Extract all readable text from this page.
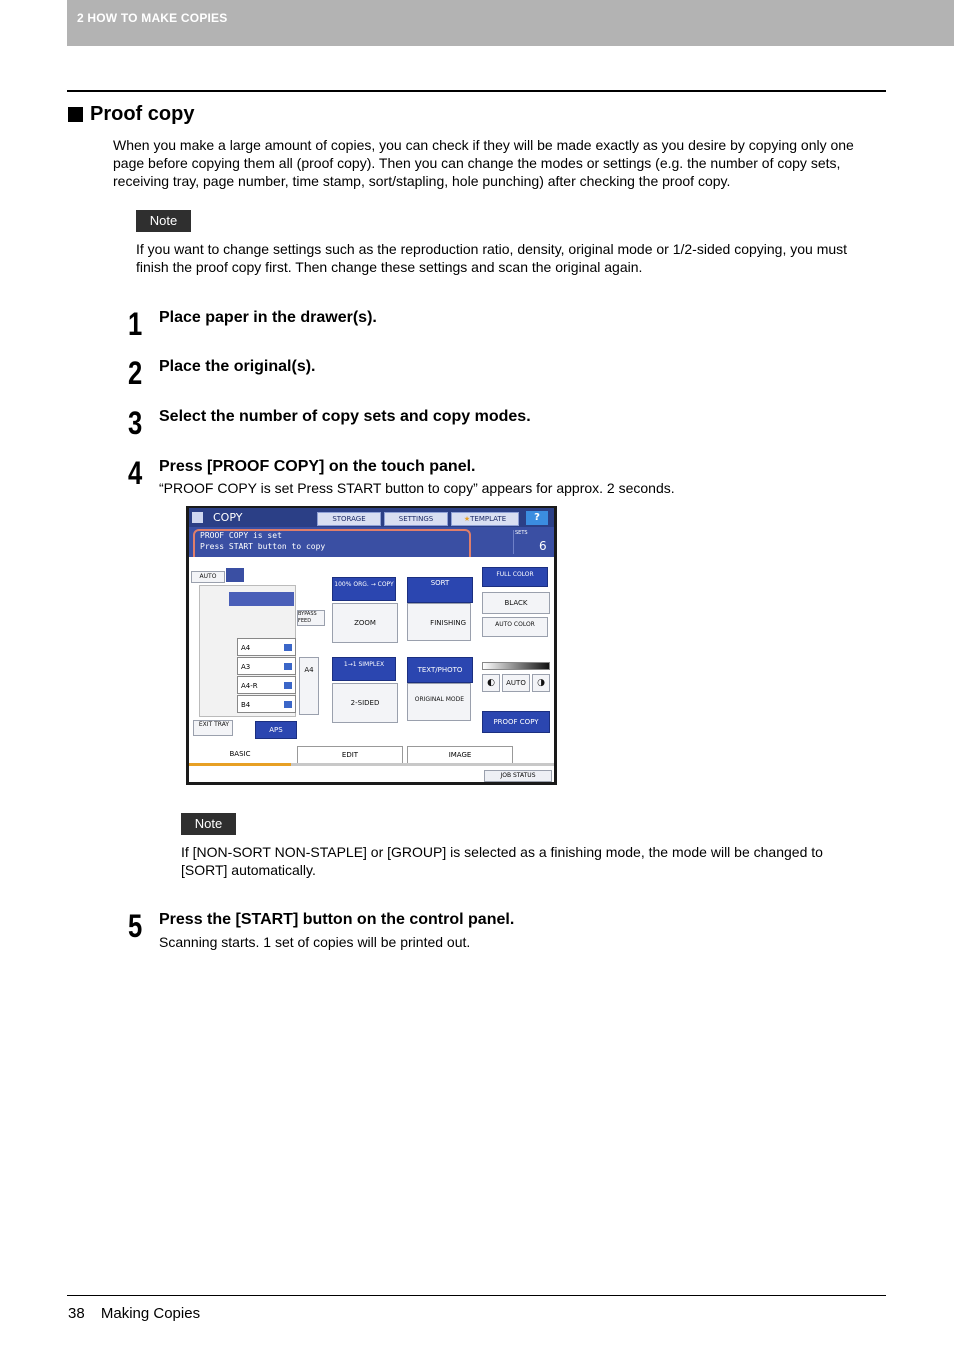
2 HOW TO MAKE COPIES
Proof copy
When you make a large amount of copies, you can check if they will be made exactly as you desire by copying only one
page before copying them all (proof copy). Then you can change the modes or settings (e.g. the number of copy sets,
receiving tray, page number, time stamp, sort/stapling, hole punching) after checking the proof copy.
Note
If you want to change settings such as the reproduction ratio, density, original mode or 1/2-sided copying, you must
finish the proof copy first. Then change these settings and scan the original again.
1 Place paper in the drawer(s).
2 Place the original(s).
3 Select the number of copy sets and copy modes.
4 Press [PROOF COPY] on the touch panel.
“PROOF COPY is set Press START button to copy” appears for approx. 2 seconds.
COPY	STORAGE	SETTINGS	★TEMPLATE	?
PROOF COPY is set
Press START button to copy
SETS
6
AUTO
BYPASS FEED
A4
A3
A4-R
B4
A4
EXIT TRAY
APS
100% ORG. → COPY
ZOOM
1→1 SIMPLEX
2-SIDED
SORT
FINISHING
TEXT/PHOTO
ORIGINAL MODE
FULL COLOR
BLACK
AUTO COLOR
◐	AUTO	◑
PROOF COPY
BASIC	EDIT	IMAGE
JOB STATUS
Note
If [NON-SORT NON-STAPLE] or [GROUP] is selected as a finishing mode, the mode will be changed to
[SORT] automatically.
5 Press the [START] button on the control panel.
Scanning starts. 1 set of copies will be printed out.
38 Making Copies
